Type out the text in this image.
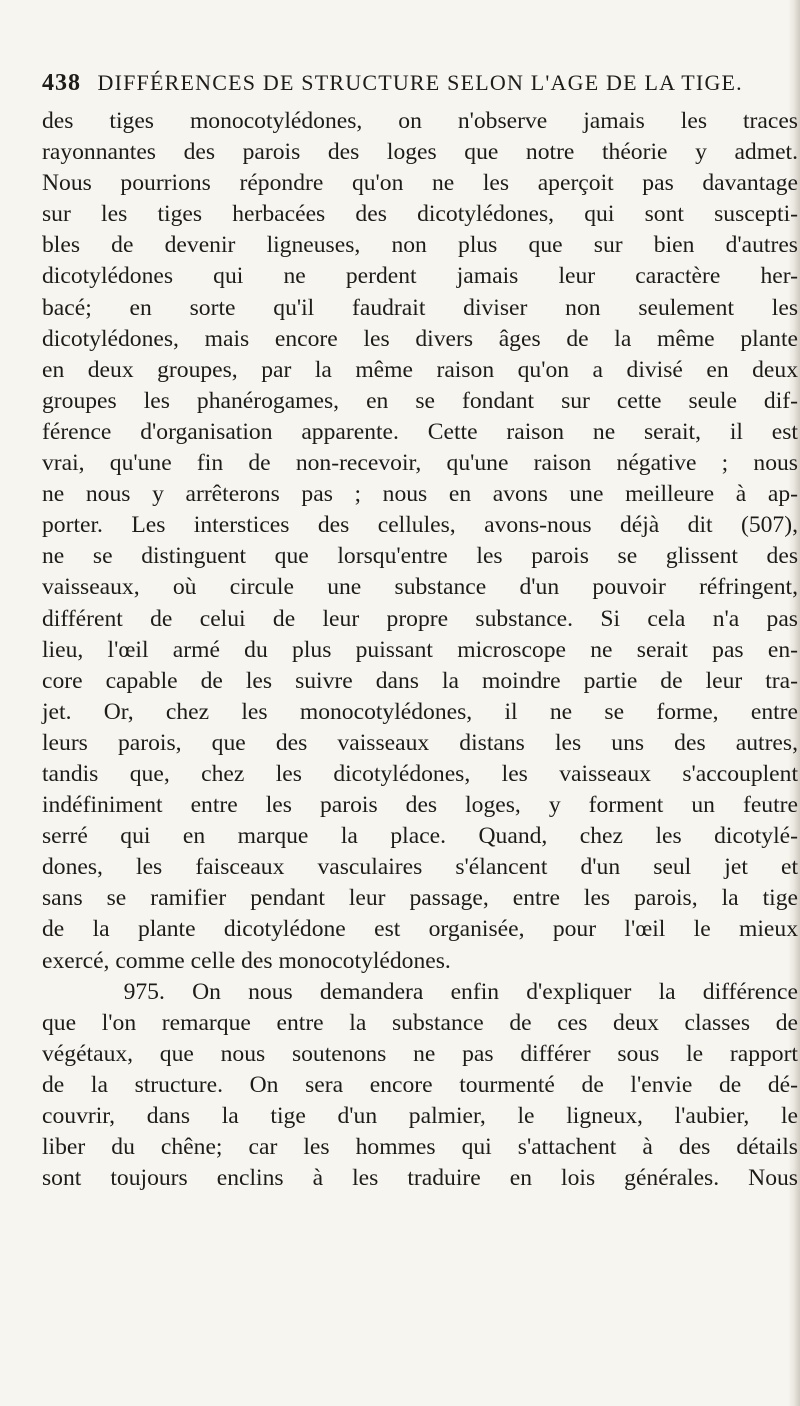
438 DIFFÉRENCES DE STRUCTURE SELON L'AGE DE LA TIGE.
des tiges monocotylédones, on n'observe jamais les traces
rayonnantes des parois des loges que notre théorie y admet.
Nous pourrions répondre qu'on ne les aperçoit pas davantage
sur les tiges herbacées des dicotylédones, qui sont suscepti-
bles de devenir ligneuses, non plus que sur bien d'autres
dicotylédones qui ne perdent jamais leur caractère her-
bacé; en sorte qu'il faudrait diviser non seulement les
dicotylédones, mais encore les divers âges de la même plante
en deux groupes, par la même raison qu'on a divisé en deux
groupes les phanérogames, en se fondant sur cette seule dif-
férence d'organisation apparente. Cette raison ne serait, il est
vrai, qu'une fin de non-recevoir, qu'une raison négative ; nous
ne nous y arrêterons pas ; nous en avons une meilleure à ap-
porter. Les interstices des cellules, avons-nous déjà dit (507),
ne se distinguent que lorsqu'entre les parois se glissent des
vaisseaux, où circule une substance d'un pouvoir réfringent,
différent de celui de leur propre substance. Si cela n'a pas
lieu, l'œil armé du plus puissant microscope ne serait pas en-
core capable de les suivre dans la moindre partie de leur tra-
jet. Or, chez les monocotylédones, il ne se forme, entre
leurs parois, que des vaisseaux distans les uns des autres,
tandis que, chez les dicotylédones, les vaisseaux s'accouplent
indéfiniment entre les parois des loges, y forment un feutre
serré qui en marque la place. Quand, chez les dicotylé-
dones, les faisceaux vasculaires s'élancent d'un seul jet et
sans se ramifier pendant leur passage, entre les parois, la tige
de la plante dicotylédone est organisée, pour l'œil le mieux
exercé, comme celle des monocotylédones.
975. On nous demandera enfin d'expliquer la différence
que l'on remarque entre la substance de ces deux classes de
végétaux, que nous soutenons ne pas différer sous le rapport
de la structure. On sera encore tourmenté de l'envie de dé-
couvrir, dans la tige d'un palmier, le ligneux, l'aubier, le
liber du chêne; car les hommes qui s'attachent à des détails
sont toujours enclins à les traduire en lois générales. Nous
